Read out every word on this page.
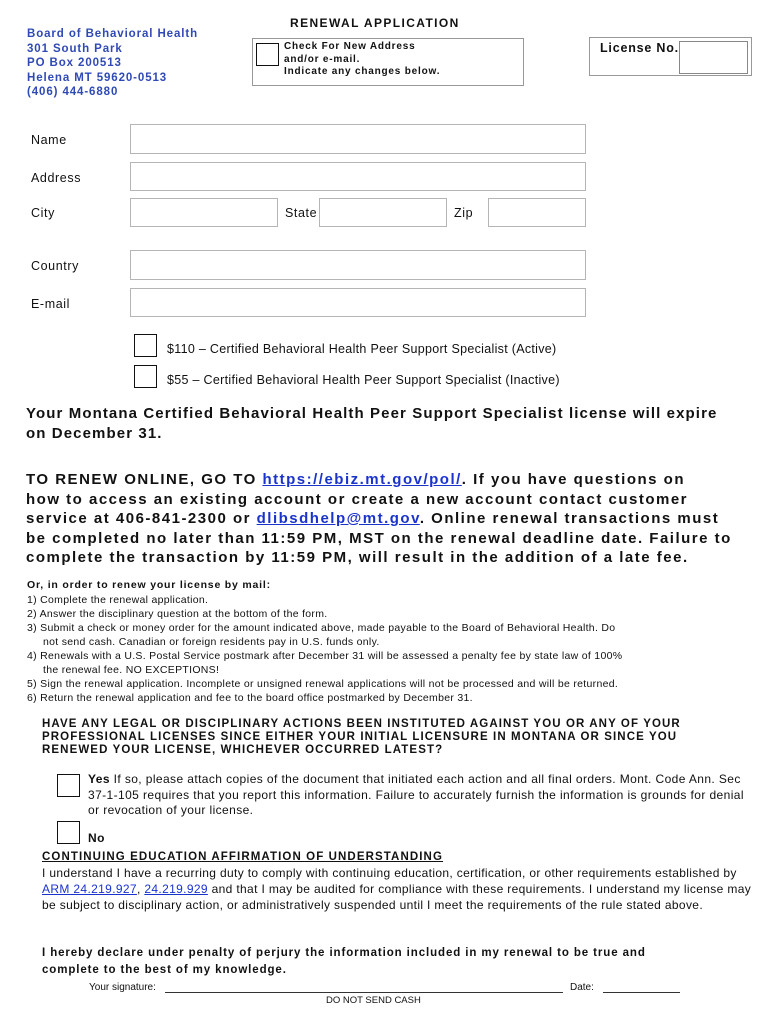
Board of Behavioral Health
301 South Park
PO Box 200513
Helena MT 59620-0513
(406) 444-6880
RENEWAL APPLICATION
Check For New Address
and/or e-mail.
Indicate any changes below.
License No.
Name
Address
City	State	Zip
Country
E-mail
$110 – Certified Behavioral Health Peer Support Specialist (Active)
$55 – Certified Behavioral Health Peer Support Specialist (Inactive)
Your Montana Certified Behavioral Health Peer Support Specialist license will expire on December 31.
TO RENEW ONLINE, GO TO https://ebiz.mt.gov/pol/. If you have questions on
how to access an existing account or create a new account contact customer
service at 406-841-2300 or dlibsdhelp@mt.gov. Online renewal transactions must
be completed no later than 11:59 PM, MST on the renewal deadline date. Failure to
complete the transaction by 11:59 PM, will result in the addition of a late fee.
Or, in order to renew your license by mail:
1) Complete the renewal application.
2) Answer the disciplinary question at the bottom of the form.
3) Submit a check or money order for the amount indicated above, made payable to the Board of Behavioral Health. Do
not send cash. Canadian or foreign residents pay in U.S. funds only.
4) Renewals with a U.S. Postal Service postmark after December 31 will be assessed a penalty fee by state law of 100%
the renewal fee. NO EXCEPTIONS!
5) Sign the renewal application. Incomplete or unsigned renewal applications will not be processed and will be returned.
6) Return the renewal application and fee to the board office postmarked by December 31.
HAVE ANY LEGAL OR DISCIPLINARY ACTIONS BEEN INSTITUTED AGAINST YOU OR ANY OF YOUR
PROFESSIONAL LICENSES SINCE EITHER YOUR INITIAL LICENSURE IN MONTANA OR SINCE YOU
RENEWED YOUR LICENSE, WHICHEVER OCCURRED LATEST?
Yes If so, please attach copies of the document that initiated each action and all final orders. Mont. Code Ann. Sec 37-1-105 requires that you report this information. Failure to accurately furnish the information is grounds for denial or revocation of your license.
No
CONTINUING EDUCATION AFFIRMATION OF UNDERSTANDING
I understand I have a recurring duty to comply with continuing education, certification, or other requirements established by ARM 24.219.927, 24.219.929 and that I may be audited for compliance with these requirements. I understand my license may be subject to disciplinary action, or administratively suspended until I meet the requirements of the rule stated above.
I hereby declare under penalty of perjury the information included in my renewal to be true and
complete to the best of my knowledge.
Your signature:	Date:
DO NOT SEND CASH
